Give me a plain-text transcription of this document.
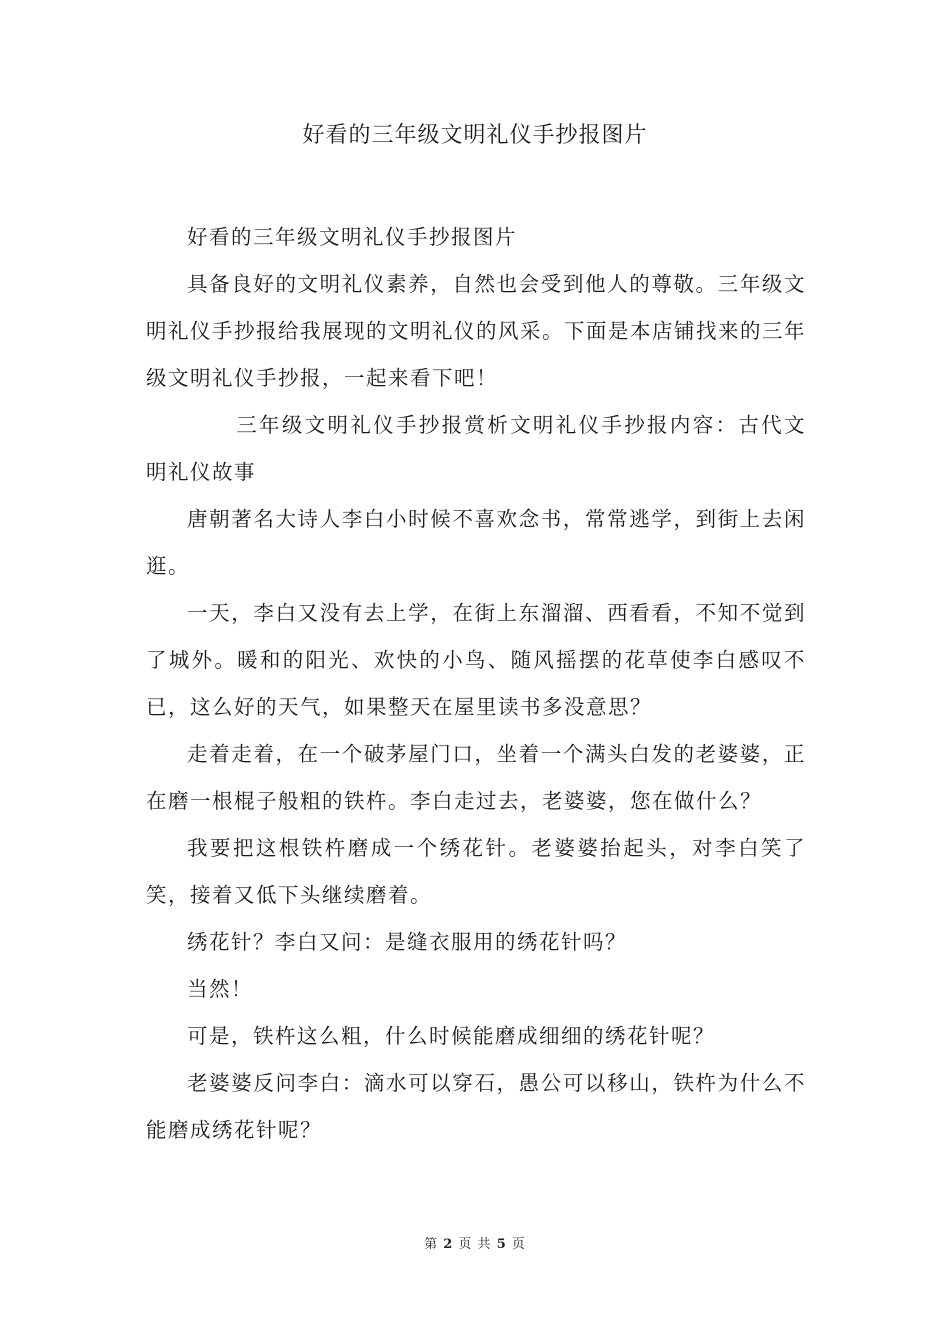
好看的三年级文明礼仪手抄报图片

好看的三年级文明礼仪手抄报图片

具备良好的文明礼仪素养，自然也会受到他人的尊敬。三年级文明礼仪手抄报给我展现的文明礼仪的风采。下面是本店铺找来的三年级文明礼仪手抄报，一起来看下吧！

三年级文明礼仪手抄报赏析文明礼仪手抄报内容：古代文明礼仪故事

唐朝著名大诗人李白小时候不喜欢念书，常常逃学，到街上去闲逛。

一天，李白又没有去上学，在街上东溜溜、西看看，不知不觉到了城外。暖和的阳光、欢快的小鸟、随风摇摆的花草使李白感叹不已，这么好的天气，如果整天在屋里读书多没意思？

走着走着，在一个破茅屋门口，坐着一个满头白发的老婆婆，正在磨一根棍子般粗的铁杵。李白走过去，老婆婆，您在做什么？

我要把这根铁杵磨成一个绣花针。老婆婆抬起头，对李白笑了笑，接着又低下头继续磨着。

绣花针？李白又问：是缝衣服用的绣花针吗？

当然！

可是，铁杵这么粗，什么时候能磨成细细的绣花针呢？

老婆婆反问李白：滴水可以穿石，愚公可以移山，铁杵为什么不能磨成绣花针呢？

第 2 页 共 5 页
